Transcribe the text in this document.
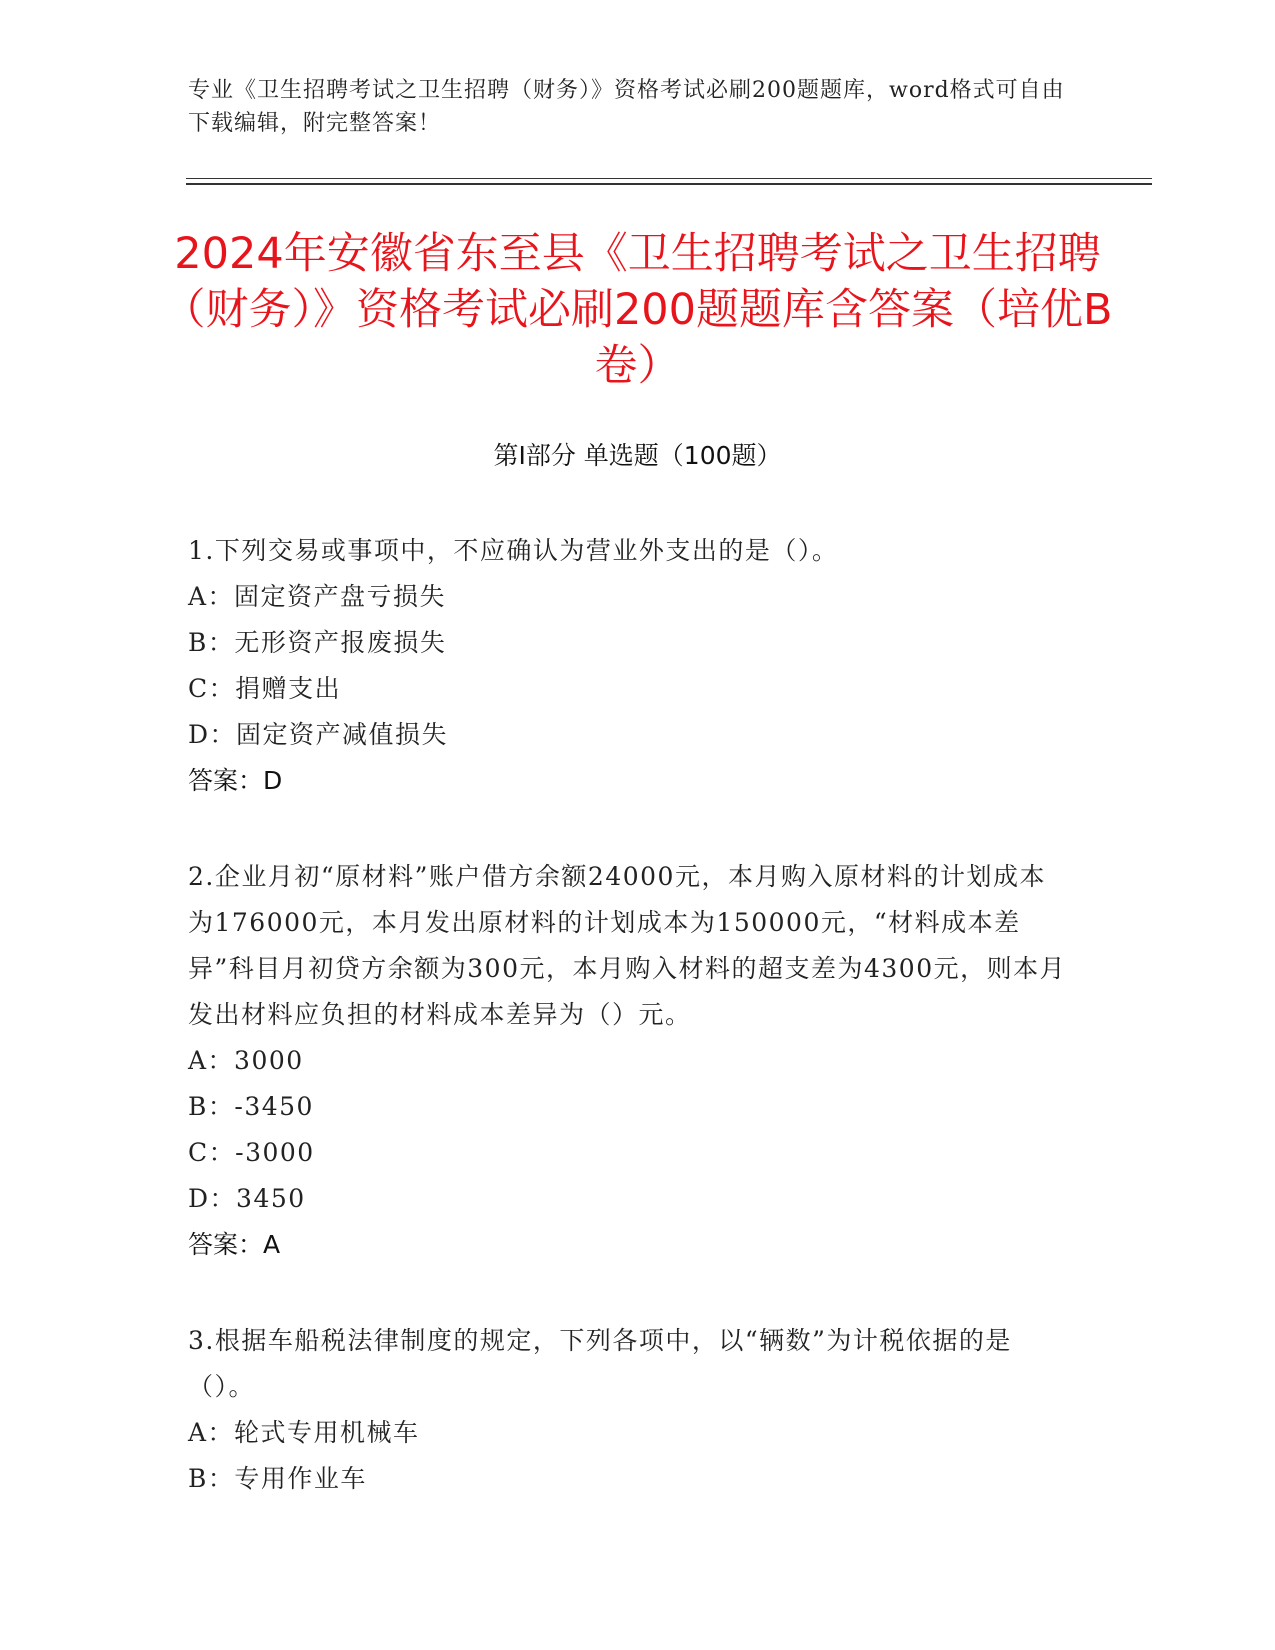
专业《卫生招聘考试之卫生招聘（财务）》资格考试必刷200题题库，word格式可自由下载编辑，附完整答案！
2024年安徽省东至县《卫生招聘考试之卫生招聘（财务）》资格考试必刷200题题库含答案（培优B卷）
第Ⅰ部分 单选题（100题）
1.下列交易或事项中，不应确认为营业外支出的是（）。
A：固定资产盘亏损失
B：无形资产报废损失
C：捐赠支出
D：固定资产减值损失
答案：D
2.企业月初“原材料”账户借方余额24000元，本月购入原材料的计划成本为176000元，本月发出原材料的计划成本为150000元，“材料成本差异”科目月初贷方余额为300元，本月购入材料的超支差为4300元，则本月发出材料应负担的材料成本差异为（）元。
A：3000
B：-3450
C：-3000
D：3450
答案：A
3.根据车船税法律制度的规定，下列各项中，以“辆数”为计税依据的是（）。
A：轮式专用机械车
B：专用作业车
